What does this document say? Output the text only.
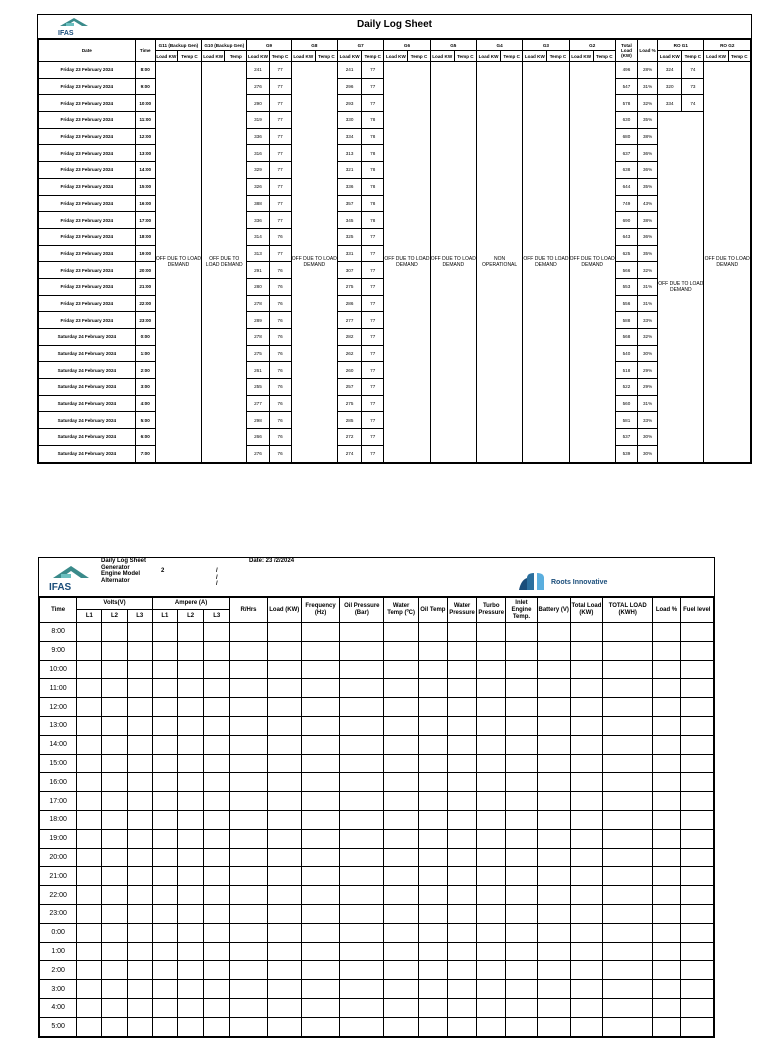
IFAS
Daily Log Sheet
Date	Time	G11 (Backup Gen)		G10 (Backup Gen)		G9		G8		G7		G6		G5		G4		G3		G2		Total Load (KW)	Load %	RO G1		RO G2	
		Load KW	Temp C	Load KW	Temp	Load KW	Temp C	Load KW	Temp C	Load KW	Temp C	Load KW	Temp C	Load KW	Temp C	Load KW	Temp C	Load KW	Temp C	Load KW	Temp C			Load KW	Temp C	Load KW	Temp C
Friday 23 February 2024	8:00	OFF DUE TO LOAD DEMAND		OFF DUE TO LOAD DEMAND		241	77	OFF DUE TO LOAD DEMAND		241	77	OFF DUE TO LOAD DEMAND		OFF DUE TO LOAD DEMAND		NON OPERATIONAL		OFF DUE TO LOAD DEMAND		OFF DUE TO LOAD DEMAND		496	28%	324	74	OFF DUE TO LOAD DEMAND	
Friday 23 February 2024	9:00					276	77			296	77											547	31%	320	73		
Friday 23 February 2024	10:00					290	77			293	77											578	32%	334	74		
Friday 23 February 2024	11:00					319	77			330	78											630	35%	OFF DUE TO LOAD DEMAND			
Friday 23 February 2024	12:00					336	77			334	78											680	38%				
Friday 23 February 2024	13:00					316	77			313	78											637	36%				
Friday 23 February 2024	14:00					329	77			321	78											638	36%				
Friday 23 February 2024	15:00					326	77			336	78											644	35%				
Friday 23 February 2024	16:00					388	77			357	78											749	43%				
Friday 23 February 2024	17:00					336	77			345	78											690	38%				
Friday 23 February 2024	18:00					314	76			325	77											643	36%				
Friday 23 February 2024	19:00					313	77			331	77											625	35%				
Friday 23 February 2024	20:00					291	76			307	77											566	32%				
Friday 23 February 2024	21:00					280	76			275	77											553	31%				
Friday 23 February 2024	22:00					278	76			286	77											556	31%				
Friday 23 February 2024	23:00					289	76			277	77											588	33%				
Saturday 24 February 2024	0:00					278	76			282	77											568	32%				
Saturday 24 February 2024	1:00					275	76			262	77											540	30%				
Saturday 24 February 2024	2:00					261	76			260	77											518	29%				
Saturday 24 February 2024	3:00					255	76			257	77											522	29%				
Saturday 24 February 2024	4:00					277	76			275	77											560	31%				
Saturday 24 February 2024	5:00					298	76			285	77											581	33%				
Saturday 24 February 2024	6:00					266	76			272	77											537	30%				
Saturday 24 February 2024	7:00					276	76			274	77											539	30%				
IFAS
Daily Log Sheet
Generator
Engine Model
Alternator
2	/
/
/
Date: 23 /2/2024
Roots Innovative
Time	Volts(V)			Ampere (A)			R/Hrs	Load (KW)	Frequency (Hz)	Oil Pressure (Bar)	Water Temp (ºC)	Oil Temp	Water Pressure	Turbo Pressure	Inlet Engine Temp.	Battery (V)	Total Load (KW)	TOTAL LOAD (KWH)	Load %	Fuel level
	L1	L2	L3	L1	L2	L3														
8:00																				
9:00																				
10:00																				
11:00																				
12:00																				
13:00																				
14:00																				
15:00																				
16:00																				
17:00																				
18:00																				
19:00																				
20:00																				
21:00																				
22:00																				
23:00																				
0:00																				
1:00																				
2:00																				
3:00																				
4:00																				
5:00																				
